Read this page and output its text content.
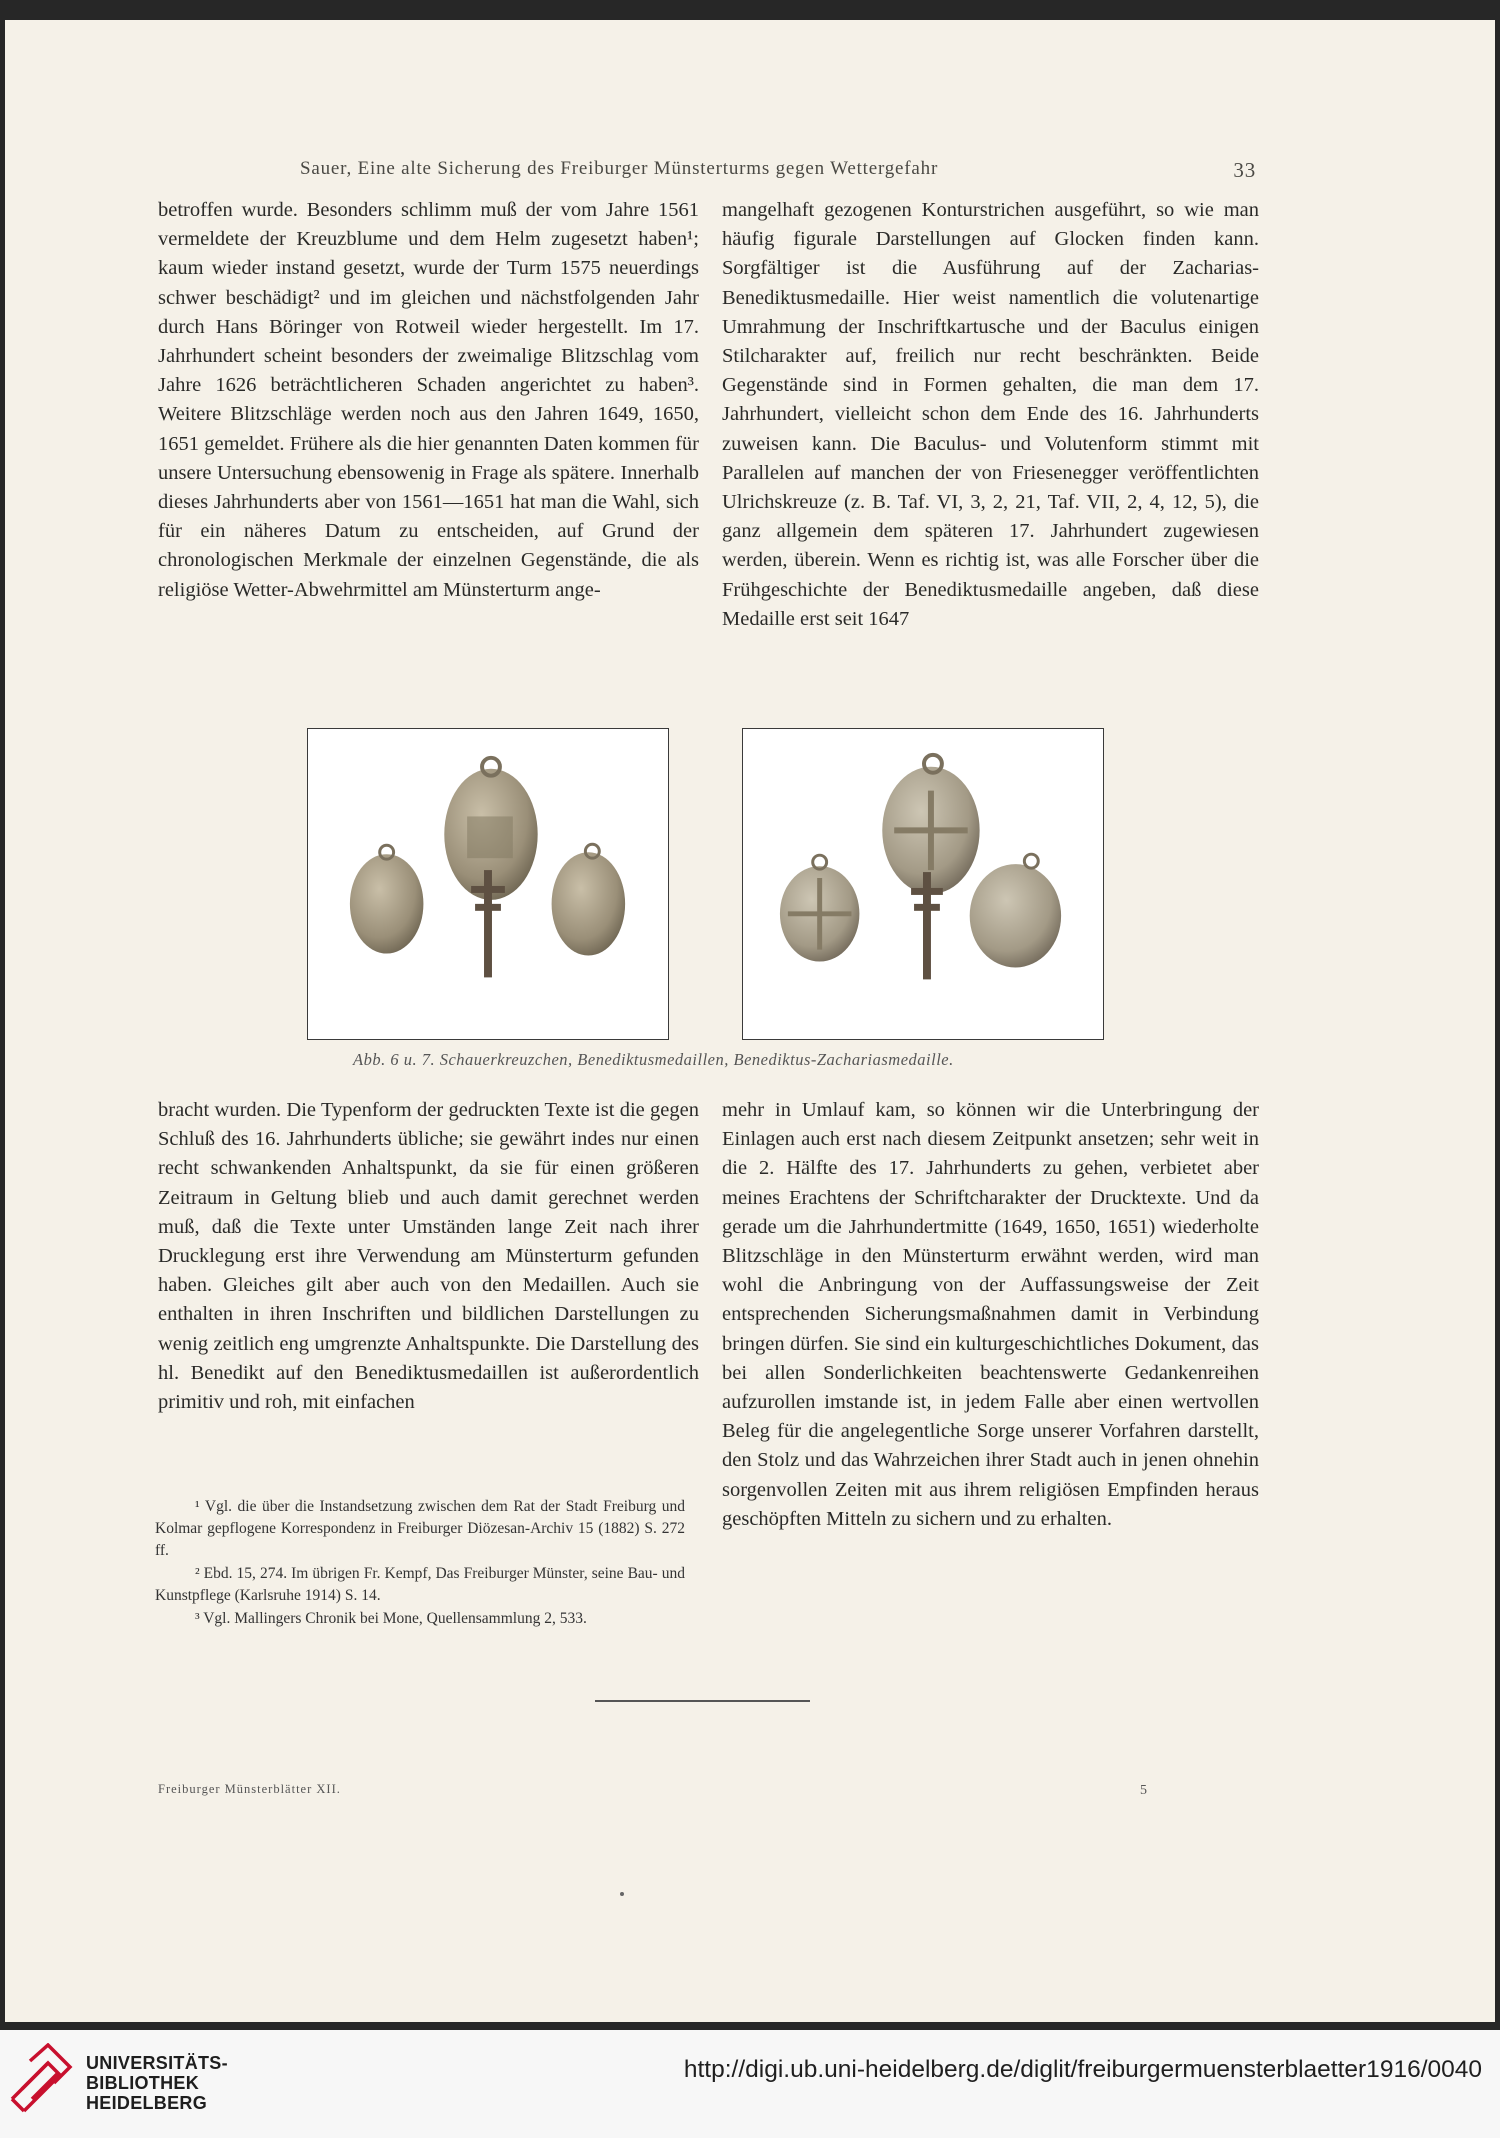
Sauer, Eine alte Sicherung des Freiburger Münsterturms gegen Wettergefahr	33

betroffen wurde. Besonders schlimm muß der vom Jahre 1561 vermeldete der Kreuzblume und dem Helm zugesetzt haben¹; kaum wieder instand gesetzt, wurde der Turm 1575 neuerdings schwer beschädigt² und im gleichen und nächstfolgenden Jahr durch Hans Böringer von Rotweil wieder hergestellt. Im 17. Jahrhundert scheint besonders der zweimalige Blitzschlag vom Jahre 1626 beträchtlicheren Schaden angerichtet zu haben³. Weitere Blitzschläge werden noch aus den Jahren 1649, 1650, 1651 gemeldet. Frühere als die hier genannten Daten kommen für unsere Untersuchung ebensowenig in Frage als spätere. Innerhalb dieses Jahrhunderts aber von 1561—1651 hat man die Wahl, sich für ein näheres Datum zu entscheiden, auf Grund der chronologischen Merkmale der einzelnen Gegenstände, die als religiöse Wetter-Abwehrmittel am Münsterturm ange-

mangelhaft gezogenen Konturstrichen ausgeführt, so wie man häufig figurale Darstellungen auf Glocken finden kann. Sorgfältiger ist die Ausführung auf der Zacharias-Benediktusmedaille. Hier weist namentlich die volutenartige Umrahmung der Inschriftkartusche und der Baculus einigen Stilcharakter auf, freilich nur recht beschränkten. Beide Gegenstände sind in Formen gehalten, die man dem 17. Jahrhundert, vielleicht schon dem Ende des 16. Jahrhunderts zuweisen kann. Die Baculus- und Volutenform stimmt mit Parallelen auf manchen der von Friesenegger veröffentlichten Ulrichskreuze (z. B. Taf. VI, 3, 2, 21, Taf. VII, 2, 4, 12, 5), die ganz allgemein dem späteren 17. Jahrhundert zugewiesen werden, überein. Wenn es richtig ist, was alle Forscher über die Frühgeschichte der Benediktusmedaille angeben, daß diese Medaille erst seit 1647

Abb. 6 u. 7. Schauerkreuzchen, Benediktusmedaillen, Benediktus-Zachariasmedaille.

bracht wurden. Die Typenform der gedruckten Texte ist die gegen Schluß des 16. Jahrhunderts übliche; sie gewährt indes nur einen recht schwankenden Anhaltspunkt, da sie für einen größeren Zeitraum in Geltung blieb und auch damit gerechnet werden muß, daß die Texte unter Umständen lange Zeit nach ihrer Drucklegung erst ihre Verwendung am Münsterturm gefunden haben. Gleiches gilt aber auch von den Medaillen. Auch sie enthalten in ihren Inschriften und bildlichen Darstellungen zu wenig zeitlich eng umgrenzte Anhaltspunkte. Die Darstellung des hl. Benedikt auf den Benediktusmedaillen ist außerordentlich primitiv und roh, mit einfachen

mehr in Umlauf kam, so können wir die Unterbringung der Einlagen auch erst nach diesem Zeitpunkt ansetzen; sehr weit in die 2. Hälfte des 17. Jahrhunderts zu gehen, verbietet aber meines Erachtens der Schriftcharakter der Drucktexte. Und da gerade um die Jahrhundertmitte (1649, 1650, 1651) wiederholte Blitzschläge in den Münsterturm erwähnt werden, wird man wohl die Anbringung von der Auffassungsweise der Zeit entsprechenden Sicherungsmaßnahmen damit in Verbindung bringen dürfen. Sie sind ein kulturgeschichtliches Dokument, das bei allen Sonderlichkeiten beachtenswerte Gedankenreihen aufzurollen imstande ist, in jedem Falle aber einen wertvollen Beleg für die angelegentliche Sorge unserer Vorfahren darstellt, den Stolz und das Wahrzeichen ihrer Stadt auch in jenen ohnehin sorgenvollen Zeiten mit aus ihrem religiösen Empfinden heraus geschöpften Mitteln zu sichern und zu erhalten.

¹ Vgl. die über die Instandsetzung zwischen dem Rat der Stadt Freiburg und Kolmar gepflogene Korrespondenz in Freiburger Diözesan-Archiv 15 (1882) S. 272 ff.

² Ebd. 15, 274. Im übrigen Fr. Kempf, Das Freiburger Münster, seine Bau- und Kunstpflege (Karlsruhe 1914) S. 14.

³ Vgl. Mallingers Chronik bei Mone, Quellensammlung 2, 533.

Freiburger Münsterblätter XII.	5
UNIVERSITÄTS-
BIBLIOTHEK
HEIDELBERG
http://digi.ub.uni-heidelberg.de/diglit/freiburgermuensterblaetter1916/0040
